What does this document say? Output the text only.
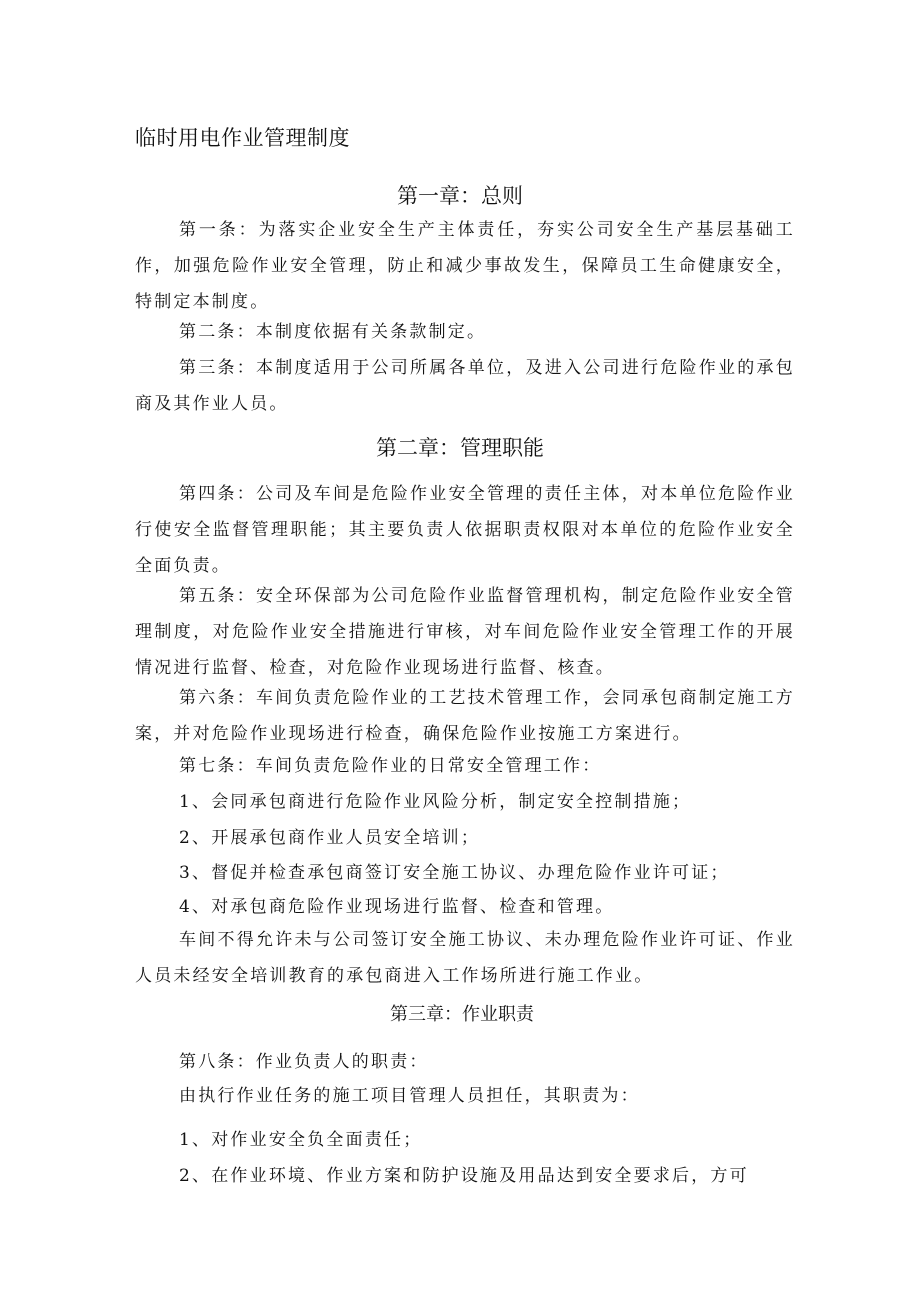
临时用电作业管理制度
第一章：总则
第一条：为落实企业安全生产主体责任，夯实公司安全生产基层基础工作，加强危险作业安全管理，防止和减少事故发生，保障员工生命健康安全，特制定本制度。
第二条：本制度依据有关条款制定。
第三条：本制度适用于公司所属各单位，及进入公司进行危险作业的承包商及其作业人员。
第二章：管理职能
第四条：公司及车间是危险作业安全管理的责任主体，对本单位危险作业行使安全监督管理职能；其主要负责人依据职责权限对本单位的危险作业安全全面负责。
第五条：安全环保部为公司危险作业监督管理机构，制定危险作业安全管理制度，对危险作业安全措施进行审核，对车间危险作业安全管理工作的开展情况进行监督、检查，对危险作业现场进行监督、核查。
第六条：车间负责危险作业的工艺技术管理工作，会同承包商制定施工方案，并对危险作业现场进行检查，确保危险作业按施工方案进行。
第七条：车间负责危险作业的日常安全管理工作：
1、会同承包商进行危险作业风险分析，制定安全控制措施；
2、开展承包商作业人员安全培训；
3、督促并检查承包商签订安全施工协议、办理危险作业许可证；
4、对承包商危险作业现场进行监督、检查和管理。
车间不得允许未与公司签订安全施工协议、未办理危险作业许可证、作业人员未经安全培训教育的承包商进入工作场所进行施工作业。
第三章：作业职责
第八条：作业负责人的职责：
由执行作业任务的施工项目管理人员担任，其职责为：
1、对作业安全负全面责任；
2、在作业环境、作业方案和防护设施及用品达到安全要求后，方可
